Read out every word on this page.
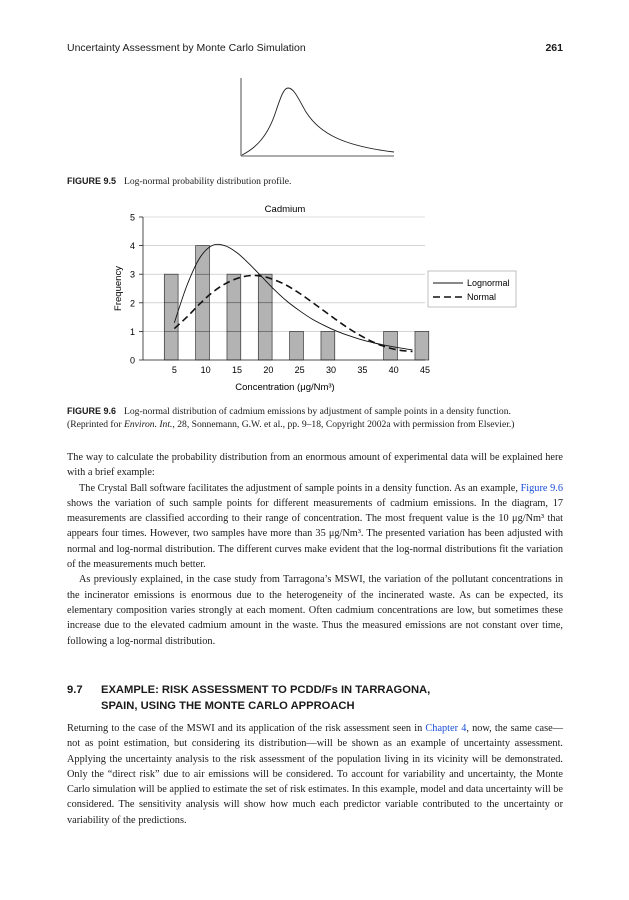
Uncertainty Assessment by Monte Carlo Simulation	261
FIGURE 9.5 Log-normal probability distribution profile.
Cadmium
Frequency
Concentration (μg/Nm³)
0
1
2
3
4
5
5	10 15 20 25 30 35 40 45
Lognormal
Normal
FIGURE 9.6 Log-normal distribution of cadmium emissions by adjustment of sample points in a density function.
(Reprinted for Environ. Int., 28, Sonnemann, G.W. et al., pp. 9–18, Copyright 2002a with permission from Elsevier.)

The way to calculate the probability distribution from an enormous amount of experimental data will be explained here with a brief example:

The Crystal Ball software facilitates the adjustment of sample points in a density function. As an example, Figure 9.6 shows the variation of such sample points for different measurements of cadmium emissions. In the diagram, 17 measurements are classified according to their range of concentration. The most frequent value is the 10 μg/Nm³ that appears four times. However, two samples have more than 35 μg/Nm³. The presented variation has been adjusted with normal and log-normal distribution. The different curves make evident that the log-normal distributions fit the variation of the measurements much better.

As previously explained, in the case study from Tarragona’s MSWI, the variation of the pollutant concentrations in the incinerator emissions is enormous due to the heterogeneity of the incinerated waste. As can be expected, its elementary composition varies strongly at each moment. Often cadmium concentrations are low, but sometimes these increase due to the elevated cadmium amount in the waste. Thus the measured emissions are not constant over time, following a log-normal distribution.

9.7 EXAMPLE: RISK ASSESSMENT TO PCDD/Fs IN TARRAGONA,
SPAIN, USING THE MONTE CARLO APPROACH

Returning to the case of the MSWI and its application of the risk assessment seen in Chapter 4, now, the same case—not as point estimation, but considering its distribution—will be shown as an example of uncertainty assessment. Applying the uncertainty analysis to the risk assessment of the population living in its vicinity will be demonstrated. Only the “direct risk” due to air emissions will be considered. To account for variability and uncertainty, the Monte Carlo simulation will be applied to estimate the set of risk estimates. In this example, model and data uncertainty will be considered. The sensitivity analysis will show how much each predictor variable contributed to the uncertainty or variability of the predictions.
